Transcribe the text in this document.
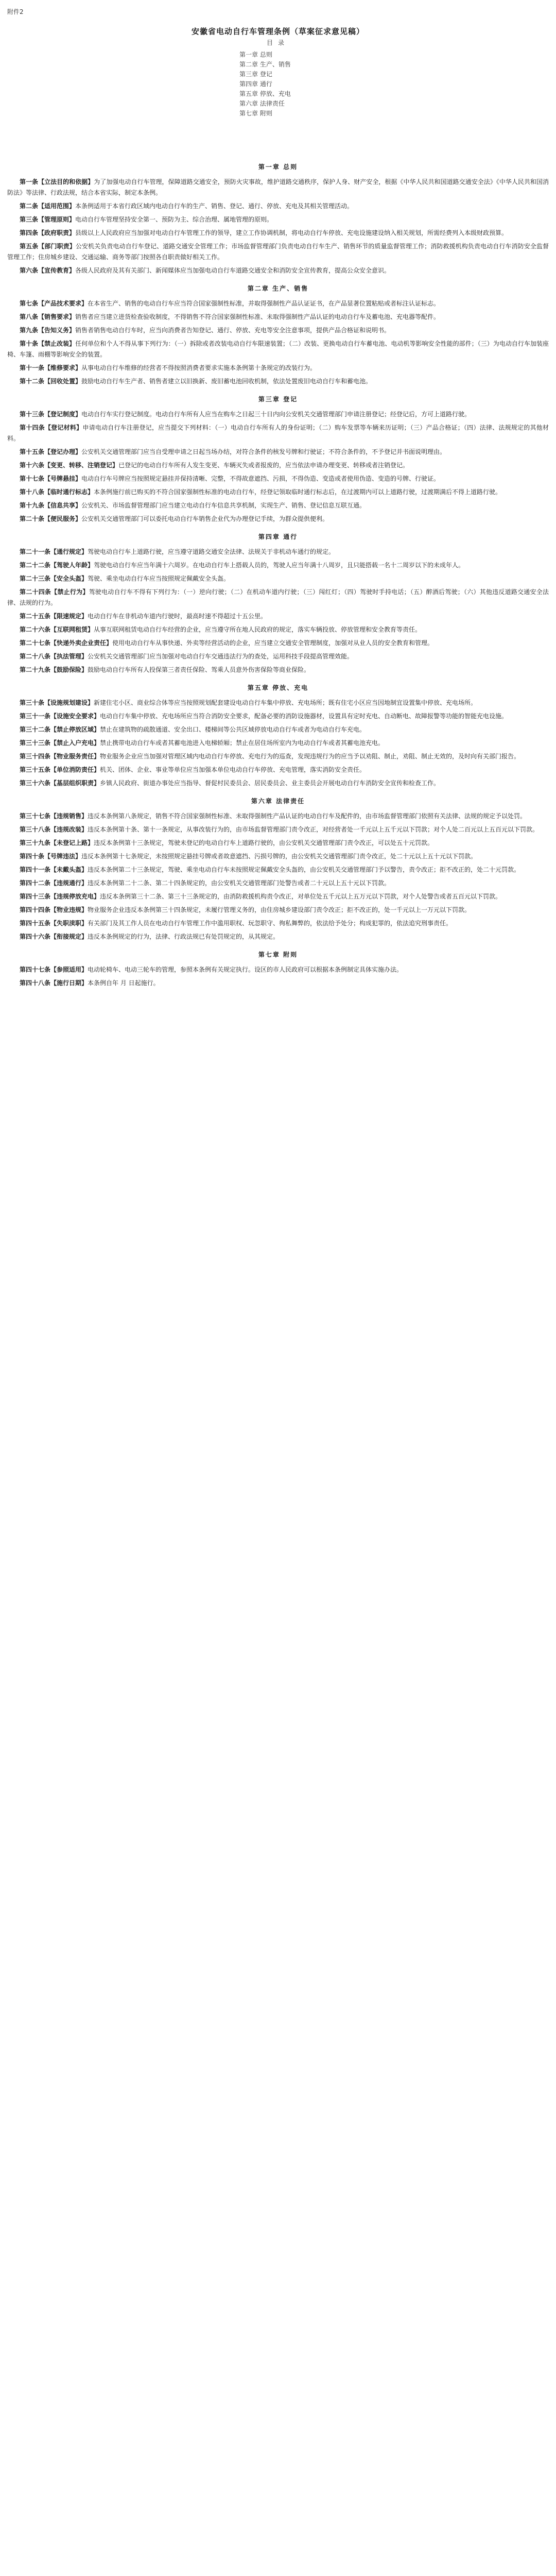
附件2
安徽省电动自行车管理条例（草案征求意见稿）
目录
第一章 总则
第二章 生产、销售
第三章 登记
第四章 通行
第五章 停放、充电
第六章 法律责任
第七章 附则
第一章 总则

第一条【立法目的和依据】为了加强电动自行车管理，保障道路交通安全，预防火灾事故，维护道路交通秩序，保护人身、财产安全，根据《中华人民共和国道路交通安全法》《中华人民共和国消防法》等法律、行政法规，结合本省实际，制定本条例。

第二条【适用范围】本条例适用于本省行政区域内电动自行车的生产、销售、登记、通行、停放、充电及其相关管理活动。

第三条【管理原则】电动自行车管理坚持安全第一、预防为主、综合治理、属地管理的原则。

第四条【政府职责】县级以上人民政府应当加强对电动自行车管理工作的领导，建立工作协调机制，将电动自行车停放、充电设施建设纳入相关规划，所需经费列入本级财政预算。

第五条【部门职责】公安机关负责电动自行车登记、道路交通安全管理工作；市场监督管理部门负责电动自行车生产、销售环节的质量监督管理工作；消防救援机构负责电动自行车消防安全监督管理工作；住房城乡建设、交通运输、商务等部门按照各自职责做好相关工作。

第六条【宣传教育】各级人民政府及其有关部门、新闻媒体应当加强电动自行车道路交通安全和消防安全宣传教育，提高公众安全意识。

第二章 生产、销售

第七条【产品技术要求】在本省生产、销售的电动自行车应当符合国家强制性标准，并取得强制性产品认证证书，在产品显著位置粘贴或者标注认证标志。

第八条【销售要求】销售者应当建立进货检查验收制度，不得销售不符合国家强制性标准、未取得强制性产品认证的电动自行车及蓄电池、充电器等配件。

第九条【告知义务】销售者销售电动自行车时，应当向消费者告知登记、通行、停放、充电等安全注意事项，提供产品合格证和说明书。

第十条【禁止改装】任何单位和个人不得从事下列行为：（一）拆除或者改装电动自行车限速装置；（二）改装、更换电动自行车蓄电池、电动机等影响安全性能的部件；（三）为电动自行车加装座椅、车篷、雨棚等影响安全的装置。

第十一条【维修要求】从事电动自行车维修的经营者不得按照消费者要求实施本条例第十条规定的改装行为。

第十二条【回收处置】鼓励电动自行车生产者、销售者建立以旧换新、废旧蓄电池回收机制，依法处置废旧电动自行车和蓄电池。

第三章 登记

第十三条【登记制度】电动自行车实行登记制度。电动自行车所有人应当在购车之日起三十日内向公安机关交通管理部门申请注册登记；经登记后，方可上道路行驶。

第十四条【登记材料】申请电动自行车注册登记，应当提交下列材料：（一）电动自行车所有人的身份证明；（二）购车发票等车辆来历证明；（三）产品合格证；（四）法律、法规规定的其他材料。

第十五条【登记办理】公安机关交通管理部门应当自受理申请之日起当场办结，对符合条件的核发号牌和行驶证；不符合条件的，不予登记并书面说明理由。

第十六条【变更、转移、注销登记】已登记的电动自行车所有人发生变更、车辆灭失或者报废的，应当依法申请办理变更、转移或者注销登记。

第十七条【号牌悬挂】电动自行车号牌应当按照规定悬挂并保持清晰、完整，不得故意遮挡、污损，不得伪造、变造或者使用伪造、变造的号牌、行驶证。

第十八条【临时通行标志】本条例施行前已购买的不符合国家强制性标准的电动自行车，经登记领取临时通行标志后，在过渡期内可以上道路行驶，过渡期满后不得上道路行驶。

第十九条【信息共享】公安机关、市场监督管理部门应当建立电动自行车信息共享机制，实现生产、销售、登记信息互联互通。

第二十条【便民服务】公安机关交通管理部门可以委托电动自行车销售企业代为办理登记手续，为群众提供便利。

第四章 通行

第二十一条【通行规定】驾驶电动自行车上道路行驶，应当遵守道路交通安全法律、法规关于非机动车通行的规定。

第二十二条【驾驶人年龄】驾驶电动自行车应当年满十六周岁。在电动自行车上搭载人员的，驾驶人应当年满十八周岁，且只能搭载一名十二周岁以下的未成年人。

第二十三条【安全头盔】驾驶、乘坐电动自行车应当按照规定佩戴安全头盔。

第二十四条【禁止行为】驾驶电动自行车不得有下列行为：（一）逆向行驶；（二）在机动车道内行驶；（三）闯红灯；（四）驾驶时手持电话；（五）醉酒后驾驶；（六）其他违反道路交通安全法律、法规的行为。

第二十五条【限速规定】电动自行车在非机动车道内行驶时，最高时速不得超过十五公里。

第二十六条【互联网租赁】从事互联网租赁电动自行车经营的企业，应当遵守所在地人民政府的规定，落实车辆投放、停放管理和安全教育等责任。

第二十七条【快递外卖企业责任】使用电动自行车从事快递、外卖等经营活动的企业，应当建立交通安全管理制度，加强对从业人员的安全教育和管理。

第二十八条【执法管理】公安机关交通管理部门应当加强对电动自行车交通违法行为的查处，运用科技手段提高管理效能。

第二十九条【鼓励保险】鼓励电动自行车所有人投保第三者责任保险、驾乘人员意外伤害保险等商业保险。

第五章 停放、充电

第三十条【设施规划建设】新建住宅小区、商业综合体等应当按照规划配套建设电动自行车集中停放、充电场所；既有住宅小区应当因地制宜设置集中停放、充电场所。

第三十一条【设施安全要求】电动自行车集中停放、充电场所应当符合消防安全要求，配备必要的消防设施器材，设置具有定时充电、自动断电、故障报警等功能的智能充电设施。

第三十二条【禁止停放区域】禁止在建筑物的疏散通道、安全出口、楼梯间等公共区域停放电动自行车或者为电动自行车充电。

第三十三条【禁止入户充电】禁止携带电动自行车或者其蓄电池进入电梯轿厢；禁止在居住场所室内为电动自行车或者其蓄电池充电。

第三十四条【物业服务责任】物业服务企业应当加强对管理区域内电动自行车停放、充电行为的巡查，发现违规行为的应当予以劝阻、制止，劝阻、制止无效的，及时向有关部门报告。

第三十五条【单位消防责任】机关、团体、企业、事业等单位应当加强本单位电动自行车停放、充电管理，落实消防安全责任。

第三十六条【基层组织职责】乡镇人民政府、街道办事处应当指导、督促村民委员会、居民委员会、业主委员会开展电动自行车消防安全宣传和检查工作。

第六章 法律责任

第三十七条【违规销售】违反本条例第八条规定，销售不符合国家强制性标准、未取得强制性产品认证的电动自行车及配件的，由市场监督管理部门依照有关法律、法规的规定予以处罚。

第三十八条【违规改装】违反本条例第十条、第十一条规定，从事改装行为的，由市场监督管理部门责令改正，对经营者处一千元以上五千元以下罚款；对个人处二百元以上五百元以下罚款。

第三十九条【未登记上路】违反本条例第十三条规定，驾驶未登记的电动自行车上道路行驶的，由公安机关交通管理部门责令改正，可以处五十元罚款。

第四十条【号牌违法】违反本条例第十七条规定，未按照规定悬挂号牌或者故意遮挡、污损号牌的，由公安机关交通管理部门责令改正，处二十元以上五十元以下罚款。

第四十一条【未戴头盔】违反本条例第二十三条规定，驾驶、乘坐电动自行车未按照规定佩戴安全头盔的，由公安机关交通管理部门予以警告，责令改正；拒不改正的，处二十元罚款。

第四十二条【违规通行】违反本条例第二十二条、第二十四条规定的，由公安机关交通管理部门处警告或者二十元以上五十元以下罚款。

第四十三条【违规停放充电】违反本条例第三十二条、第三十三条规定的，由消防救援机构责令改正，对单位处五千元以上五万元以下罚款，对个人处警告或者五百元以下罚款。

第四十四条【物业违规】物业服务企业违反本条例第三十四条规定，未履行管理义务的，由住房城乡建设部门责令改正；拒不改正的，处一千元以上一万元以下罚款。

第四十五条【失职渎职】有关部门及其工作人员在电动自行车管理工作中滥用职权、玩忽职守、徇私舞弊的，依法给予处分；构成犯罪的，依法追究刑事责任。

第四十六条【衔接规定】违反本条例规定的行为，法律、行政法规已有处罚规定的，从其规定。

第七章 附则

第四十七条【参照适用】电动轮椅车、电动三轮车的管理，参照本条例有关规定执行。设区的市人民政府可以根据本条例制定具体实施办法。

第四十八条【施行日期】本条例自年 月 日起施行。
